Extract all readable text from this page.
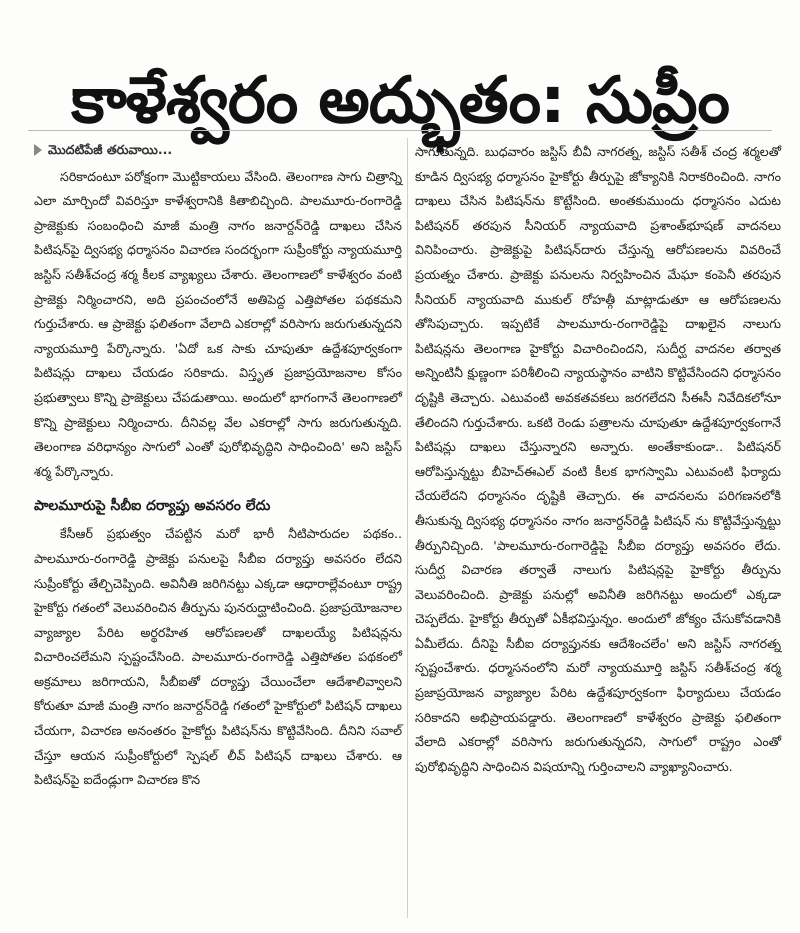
కాళేశ్వరం అద్భుతం: సుప్రీం
మొదటిపేజీ తరువాయి...

సరికాదంటూ పరోక్షంగా మొట్టికాయలు వేసింది. తెలంగాణ సాగు చిత్రాన్ని ఎలా మార్చిందో వివరిస్తూ కాళేశ్వరానికి కితాబిచ్చింది. పాలమూరు-రంగారెడ్డి ప్రాజెక్టుకు సంబంధించి మాజీ మంత్రి నాగం జనార్దన్‌రెడ్డి దాఖలు చేసిన పిటిషన్‌పై ద్విసభ్య ధర్మాసనం విచారణ సందర్భంగా సుప్రీంకోర్టు న్యాయమూర్తి జస్టిస్ సతీశ్‌చంద్ర శర్మ కీలక వ్యాఖ్యలు చేశారు. తెలంగాణలో కాళేశ్వరం వంటి ప్రాజెక్టు నిర్మించారని, అది ప్రపంచంలోనే అతిపెద్ద ఎత్తిపోతల పథకమని గుర్తుచేశారు. ఆ ప్రాజెక్టు ఫలితంగా వేలాది ఎకరాల్లో వరిసాగు జరుగుతున్నదని న్యాయమూర్తి పేర్కొన్నారు. 'ఏదో ఒక సాకు చూపుతూ ఉద్దేశపూర్వకంగా పిటిషన్లు దాఖలు చేయడం సరికాదు. విస్తృత ప్రజాప్రయోజనాల కోసం ప్రభుత్వాలు కొన్ని ప్రాజెక్టులు చేపడుతాయి. అందులో భాగంగానే తెలంగాణలో కొన్ని ప్రాజెక్టులు నిర్మించారు. దీనివల్ల వేల ఎకరాల్లో సాగు జరుగుతున్నది. తెలంగాణ వరిధాన్యం సాగులో ఎంతో పురోభివృద్ధిని సాధించింది' అని జస్టిస్ శర్మ పేర్కొన్నారు.

పాలమూరుపై సీబీఐ దర్యాప్తు అవసరం లేదు

కేసీఆర్ ప్రభుత్వం చేపట్టిన మరో భారీ నీటిపారుదల పథకం.. పాలమూరు-రంగారెడ్డి ప్రాజెక్టు పనులపై సీబీఐ దర్యాప్తు అవసరం లేదని సుప్రీంకోర్టు తేల్చిచెప్పింది. అవినీతి జరిగినట్టు ఎక్కడా ఆధారాల్లేవంటూ రాష్ట్ర హైకోర్టు గతంలో వెలువరించిన తీర్పును పునరుద్ఘాటించింది. ప్రజాప్రయోజనాల వ్యాజ్యాల పేరిట అర్థరహిత ఆరోపణలతో దాఖలయ్యే పిటిషన్లను విచారించలేమని స్పష్టంచేసింది. పాలమూరు-రంగారెడ్డి ఎత్తిపోతల పథకంలో అక్రమాలు జరిగాయని, సీబీఐతో దర్యాప్తు చేయించేలా ఆదేశాలివ్వాలని కోరుతూ మాజీ మంత్రి నాగం జనార్దన్‌రెడ్డి గతంలో హైకోర్టులో పిటిషన్ దాఖలు చేయగా, విచారణ అనంతరం హైకోర్టు పిటిషన్‌ను కొట్టివేసింది. దీనిని సవాల్ చేస్తూ ఆయన సుప్రీంకోర్టులో స్పెషల్ లీవ్ పిటిషన్ దాఖలు చేశారు. ఆ పిటిషన్‌పై ఐదేండ్లుగా విచారణ కొన

సాగుతున్నది. బుధవారం జస్టిస్ బీవీ నాగరత్న, జస్టిస్ సతీశ్ చంద్ర శర్మలతో కూడిన ద్విసభ్య ధర్మాసనం హైకోర్టు తీర్పుపై జోక్యానికి నిరాకరించింది. నాగం దాఖలు చేసిన పిటిషన్‌ను కొట్టేసింది. అంతకుముందు ధర్మాసనం ఎదుట పిటిషనర్ తరపున సీనియర్ న్యాయవాది ప్రశాంత్‌భూషణ్ వాదనలు వినిపించారు. ప్రాజెక్టుపై పిటిషన్‌దారు చేస్తున్న ఆరోపణలను వివరించే ప్రయత్నం చేశారు. ప్రాజెక్టు పనులను నిర్వహించిన మేఘా కంపెనీ తరపున సీనియర్ న్యాయవాది ముకుల్ రోహత్గీ మాట్లాడుతూ ఆ ఆరోపణలను తోసిపుచ్చారు. ఇప్పటికే పాలమూరు-రంగారెడ్డిపై దాఖలైన నాలుగు పిటిషన్లను తెలంగాణ హైకోర్టు విచారించిందని, సుదీర్ఘ వాదనల తర్వాత అన్నింటినీ క్షుణ్ణంగా పరిశీలించి న్యాయస్థానం వాటిని కొట్టివేసిందని ధర్మాసనం దృష్టికి తెచ్చారు. ఎటువంటి అవకతవకలు జరగలేదని సీఈసీ నివేదికలోనూ తేలిందని గుర్తుచేశారు. ఒకటి రెండు పత్రాలను చూపుతూ ఉద్దేశపూర్వకంగానే పిటిషన్లు దాఖలు చేస్తున్నారని అన్నారు. అంతేకాకుండా.. పిటిషనర్ ఆరోపిస్తున్నట్టు బీహెచ్‌ఈఎల్ వంటి కీలక భాగస్వామి ఎటువంటి ఫిర్యాదు చేయలేదని ధర్మాసనం దృష్టికి తెచ్చారు. ఈ వాదనలను పరిగణనలోకి తీసుకున్న ద్విసభ్య ధర్మాసనం నాగం జనార్దన్‌రెడ్డి పిటిషన్ ను కొట్టివేస్తున్నట్టు తీర్పునిచ్చింది. 'పాలమూరు-రంగారెడ్డిపై సీబీఐ దర్యాప్తు అవసరం లేదు. సుదీర్ఘ విచారణ తర్వాతే నాలుగు పిటిషన్లపై హైకోర్టు తీర్పును వెలువరించింది. ప్రాజెక్టు పనుల్లో అవినీతి జరిగినట్టు అందులో ఎక్కడా చెప్పలేదు. హైకోర్టు తీర్పుతో ఏకీభవిస్తున్నం. అందులో జోక్యం చేసుకోవడానికి ఏమీలేదు. దీనిపై సీబీఐ దర్యాప్తునకు ఆదేశించలేం' అని జస్టిస్ నాగరత్న స్పష్టంచేశారు. ధర్మాసనంలోని మరో న్యాయమూర్తి జస్టిస్ సతీశ్‌చంద్ర శర్మ ప్రజాప్రయోజన వ్యాజ్యాల పేరిట ఉద్దేశపూర్వకంగా ఫిర్యాదులు చేయడం సరికాదని అభిప్రాయపడ్డారు. తెలంగాణలో కాళేశ్వరం ప్రాజెక్టు ఫలితంగా వేలాది ఎకరాల్లో వరిసాగు జరుగుతున్నదని, సాగులో రాష్ట్రం ఎంతో పురోభివృద్ధిని సాధించిన విషయాన్ని గుర్తించాలని వ్యాఖ్యానించారు.
